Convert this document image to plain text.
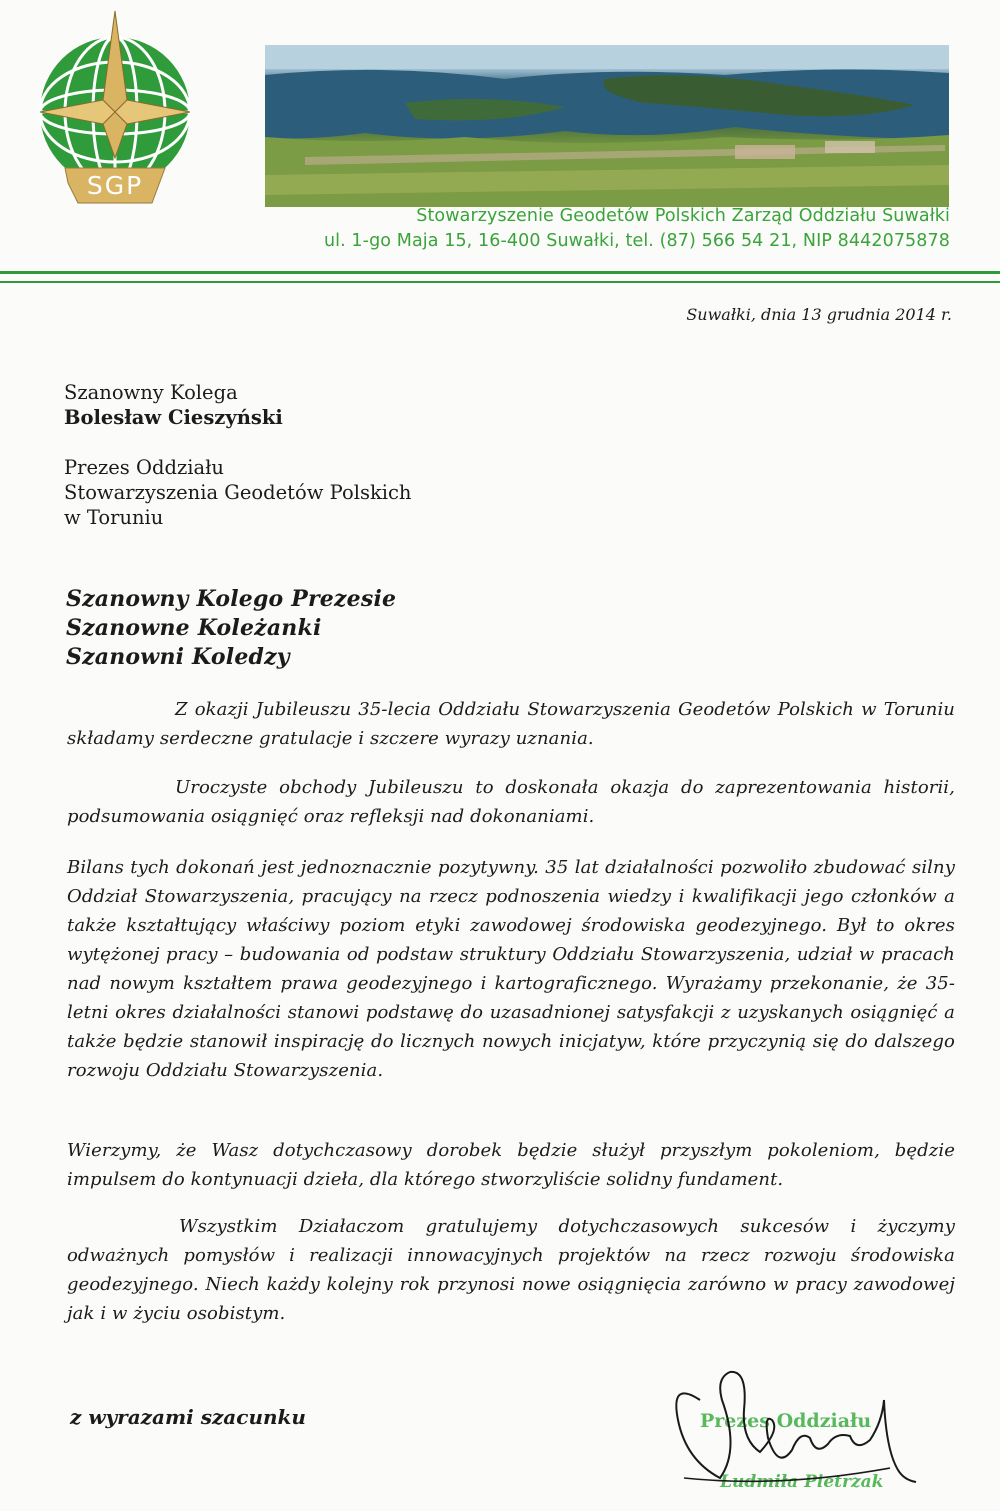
SGP
Stowarzyszenie Geodetów Polskich Zarząd Oddziału Suwałki
ul. 1-go Maja 15, 16-400 Suwałki, tel. (87) 566 54 21, NIP 8442075878
Suwałki, dnia 13 grudnia 2014 r.
Szanowny Kolega
Bolesław Cieszyński
Prezes Oddziału
Stowarzyszenia Geodetów Polskich
w Toruniu
Szanowny Kolego Prezesie
Szanowne Koleżanki
Szanowni Koledzy
Z okazji Jubileuszu 35-lecia Oddziału Stowarzyszenia Geodetów Polskich w Toruniu składamy serdeczne gratulacje i szczere wyrazy uznania.
Uroczyste obchody Jubileuszu to doskonała okazja do zaprezentowania historii, podsumowania osiągnięć oraz refleksji nad dokonaniami.
Bilans tych dokonań jest jednoznacznie pozytywny. 35 lat działalności pozwoliło zbudować silny Oddział Stowarzyszenia, pracujący na rzecz podnoszenia wiedzy i kwalifikacji jego członków a także kształtujący właściwy poziom etyki zawodowej środowiska geodezyjnego. Był to okres wytężonej pracy – budowania od podstaw struktury Oddziału Stowarzyszenia, udział w pracach nad nowym kształtem prawa geodezyjnego i kartograficznego. Wyrażamy przekonanie, że 35-letni okres działalności stanowi podstawę do uzasadnionej satysfakcji z uzyskanych osiągnięć a także będzie stanowił inspirację do licznych nowych inicjatyw, które przyczynią się do dalszego rozwoju Oddziału Stowarzyszenia.
Wierzymy, że Wasz dotychczasowy dorobek będzie służył przyszłym pokoleniom, będzie impulsem do kontynuacji dzieła, dla którego stworzyliście solidny fundament.
Wszystkim Działaczom gratulujemy dotychczasowych sukcesów i życzymy odważnych pomysłów i realizacji innowacyjnych projektów na rzecz rozwoju środowiska geodezyjnego. Niech każdy kolejny rok przynosi nowe osiągnięcia zarówno w pracy zawodowej jak i w życiu osobistym.
z wyrazami szacunku	Prezes Oddziału
Ludmiła Pietrzak
